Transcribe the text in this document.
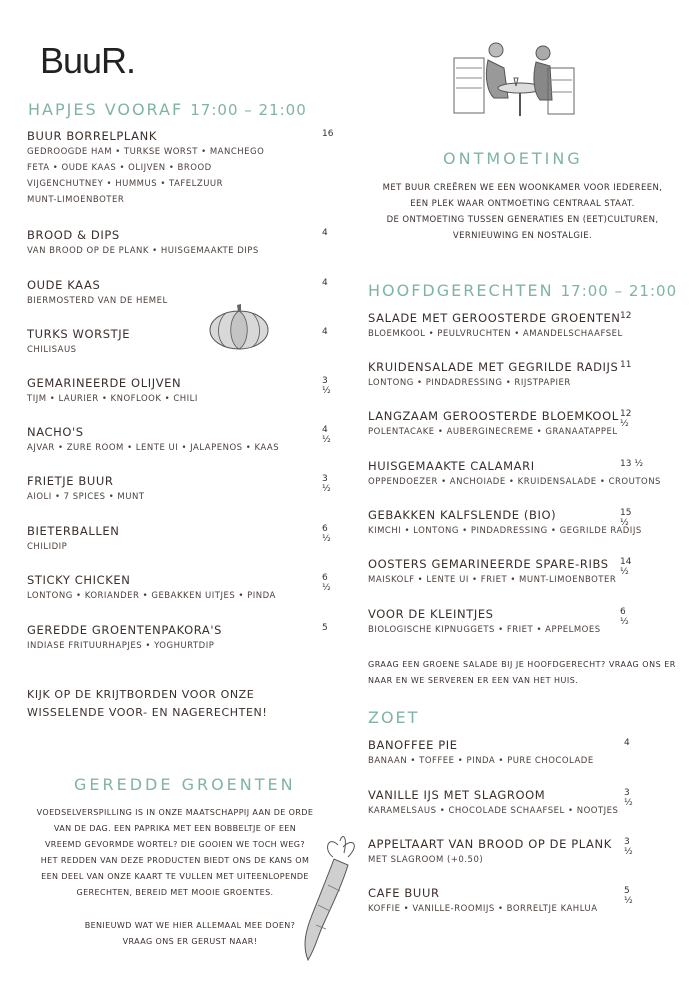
BuuR.
HAPJES VOORAF 17:00 – 21:00
BUUR BORRELPLANK
GEDROOGDE HAM • TURKSE WORST • MANCHEGO
FETA • OUDE KAAS • OLIJVEN • BROOD
VIJGENCHUTNEY • HUMMUS • TAFELZUUR
MUNT-LIMOENBOTER
16
BROOD & DIPS
VAN BROOD OP DE PLANK • HUISGEMAAKTE DIPS
4
OUDE KAAS
BIERMOSTERD VAN DE HEMEL
4
TURKS WORSTJE
CHILISAUS
4
GEMARINEERDE OLIJVEN
TIJM • LAURIER • KNOFLOOK • CHILI
3 ½
NACHO'S
AJVAR • ZURE ROOM • LENTE UI • JALAPENOS • KAAS
4 ½
FRIETJE BUUR
AIOLI • 7 SPICES • MUNT
3 ½
BIETERBALLEN
CHILIDIP
6 ½
STICKY CHICKEN
LONTONG • KORIANDER • GEBAKKEN UITJES • PINDA
6 ½
GEREDDE GROENTENPAKORA'S
INDIASE FRITUURHAPJES • YOGHURTDIP
5
KIJK OP DE KRIJTBORDEN VOOR ONZE
WISSELENDE VOOR- EN NAGERECHTEN!
GEREDDE GROENTEN
VOEDSELVERSPILLING IS IN ONZE MAATSCHAPPIJ AAN DE ORDE
VAN DE DAG. EEN PAPRIKA MET EEN BOBBELTJE OF EEN
VREEMD GEVORMDE WORTEL? DIE GOOIEN WE TOCH WEG?
HET REDDEN VAN DEZE PRODUCTEN BIEDT ONS DE KANS OM
EEN DEEL VAN ONZE KAART TE VULLEN MET UITEENLOPENDE
GERECHTEN, BEREID MET MOOIE GROENTES.
BENIEUWD WAT WE HIER ALLEMAAL MEE DOEN?
VRAAG ONS ER GERUST NAAR!
ONTMOETING
MET BUUR CREËREN WE EEN WOONKAMER VOOR IEDEREEN,
EEN PLEK WAAR ONTMOETING CENTRAAL STAAT.
DE ONTMOETING TUSSEN GENERATIES EN (EET)CULTUREN,
VERNIEUWING EN NOSTALGIE.
HOOFDGERECHTEN 17:00 – 21:00
SALADE MET GEROOSTERDE GROENTEN
BLOEMKOOL • PEULVRUCHTEN • AMANDELSCHAAFSEL
12
KRUIDENSALADE MET GEGRILDE RADIJS
LONTONG • PINDADRESSING • RIJSTPAPIER
11
LANGZAAM GEROOSTERDE BLOEMKOOL
POLENTACAKE • AUBERGINECREME • GRANAATAPPEL
12 ½
HUISGEMAAKTE CALAMARI
OPPENDOEZER • ANCHOIADE • KRUIDENSALADE • CROUTONS
13 ½
GEBAKKEN KALFSLENDE (BIO)
KIMCHI • LONTONG • PINDADRESSING • GEGRILDE RADIJS
15 ½
OOSTERS GEMARINEERDE SPARE-RIBS
MAISKOLF • LENTE UI • FRIET • MUNT-LIMOENBOTER
14 ½
VOOR DE KLEINTJES
BIOLOGISCHE KIPNUGGETS • FRIET • APPELMOES
6 ½
GRAAG EEN GROENE SALADE BIJ JE HOOFDGERECHT? VRAAG ONS ER
NAAR EN WE SERVEREN ER EEN VAN HET HUIS.
ZOET
BANOFFEE PIE
BANAAN • TOFFEE • PINDA • PURE CHOCOLADE
4
VANILLE IJS MET SLAGROOM
KARAMELSAUS • CHOCOLADE SCHAAFSEL • NOOTJES
3 ½
APPELTAART VAN BROOD OP DE PLANK
MET SLAGROOM (+0.50)
3 ½
CAFE BUUR
KOFFIE • VANILLE-ROOMIJS • BORRELTJE KAHLUA
5 ½
